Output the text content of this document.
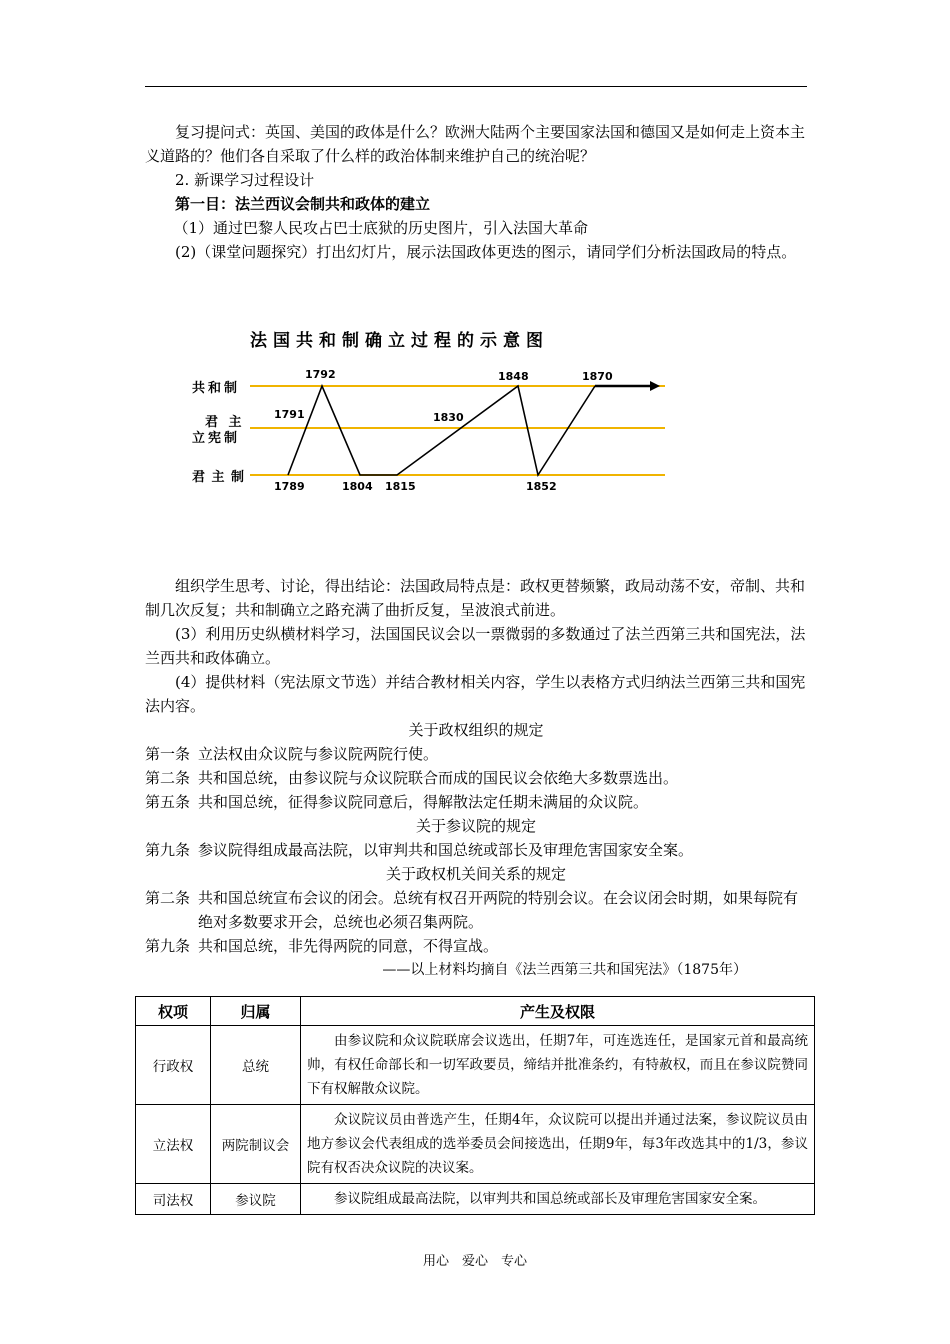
复习提问式：英国、美国的政体是什么？欧洲大陆两个主要国家法国和德国又是如何走上资本主义道路的？他们各自采取了什么样的政治体制来维护自己的统治呢？

2. 新课学习过程设计

第一目：法兰西议会制共和政体的建立

（1）通过巴黎人民攻占巴士底狱的历史图片，引入法国大革命

(2)（课堂问题探究）打出幻灯片，展示法国政体更迭的图示，请同学们分析法国政局的特点。

法国共和制确立过程的示意图
共和制
君 主
立宪制
君 主 制
1789
1791
1792
1804 1815
1830
1848
1852
1870

组织学生思考、讨论，得出结论：法国政局特点是：政权更替频繁，政局动荡不安，帝制、共和制几次反复；共和制确立之路充满了曲折反复，呈波浪式前进。

(3）利用历史纵横材料学习，法国国民议会以一票微弱的多数通过了法兰西第三共和国宪法，法兰西共和政体确立。

(4）提供材料（宪法原文节选）并结合教材相关内容，学生以表格方式归纳法兰西第三共和国宪法内容。

关于政权组织的规定

第一条 立法权由众议院与参议院两院行使。
第二条 共和国总统，由参议院与众议院联合而成的国民议会依绝大多数票选出。
第五条 共和国总统，征得参议院同意后，得解散法定任期未满届的众议院。

关于参议院的规定

第九条 参议院得组成最高法院，以审判共和国总统或部长及审理危害国家安全案。

关于政权机关间关系的规定

第二条 共和国总统宣布会议的闭会。总统有权召开两院的特别会议。在会议闭会时期，如果每院有绝对多数要求开会，总统也必须召集两院。
第九条 共和国总统，非先得两院的同意，不得宣战。

——以上材料均摘自《法兰西第三共和国宪法》（1875年）

权项	归属	产生及权限
行政权	总统	由参议院和众议院联席会议选出，任期7年，可连选连任，是国家元首和最高统帅，有权任命部长和一切军政要员，缔结并批准条约，有特赦权，而且在参议院赞同下有权解散众议院。
立法权	两院制议会	众议院议员由普选产生，任期4年，众议院可以提出并通过法案，参议院议员由地方参议会代表组成的选举委员会间接选出，任期9年，每3年改选其中的1/3，参议院有权否决众议院的决议案。
司法权	参议院	参议院组成最高法院，以审判共和国总统或部长及审理危害国家安全案。
用心　爱心　专心
